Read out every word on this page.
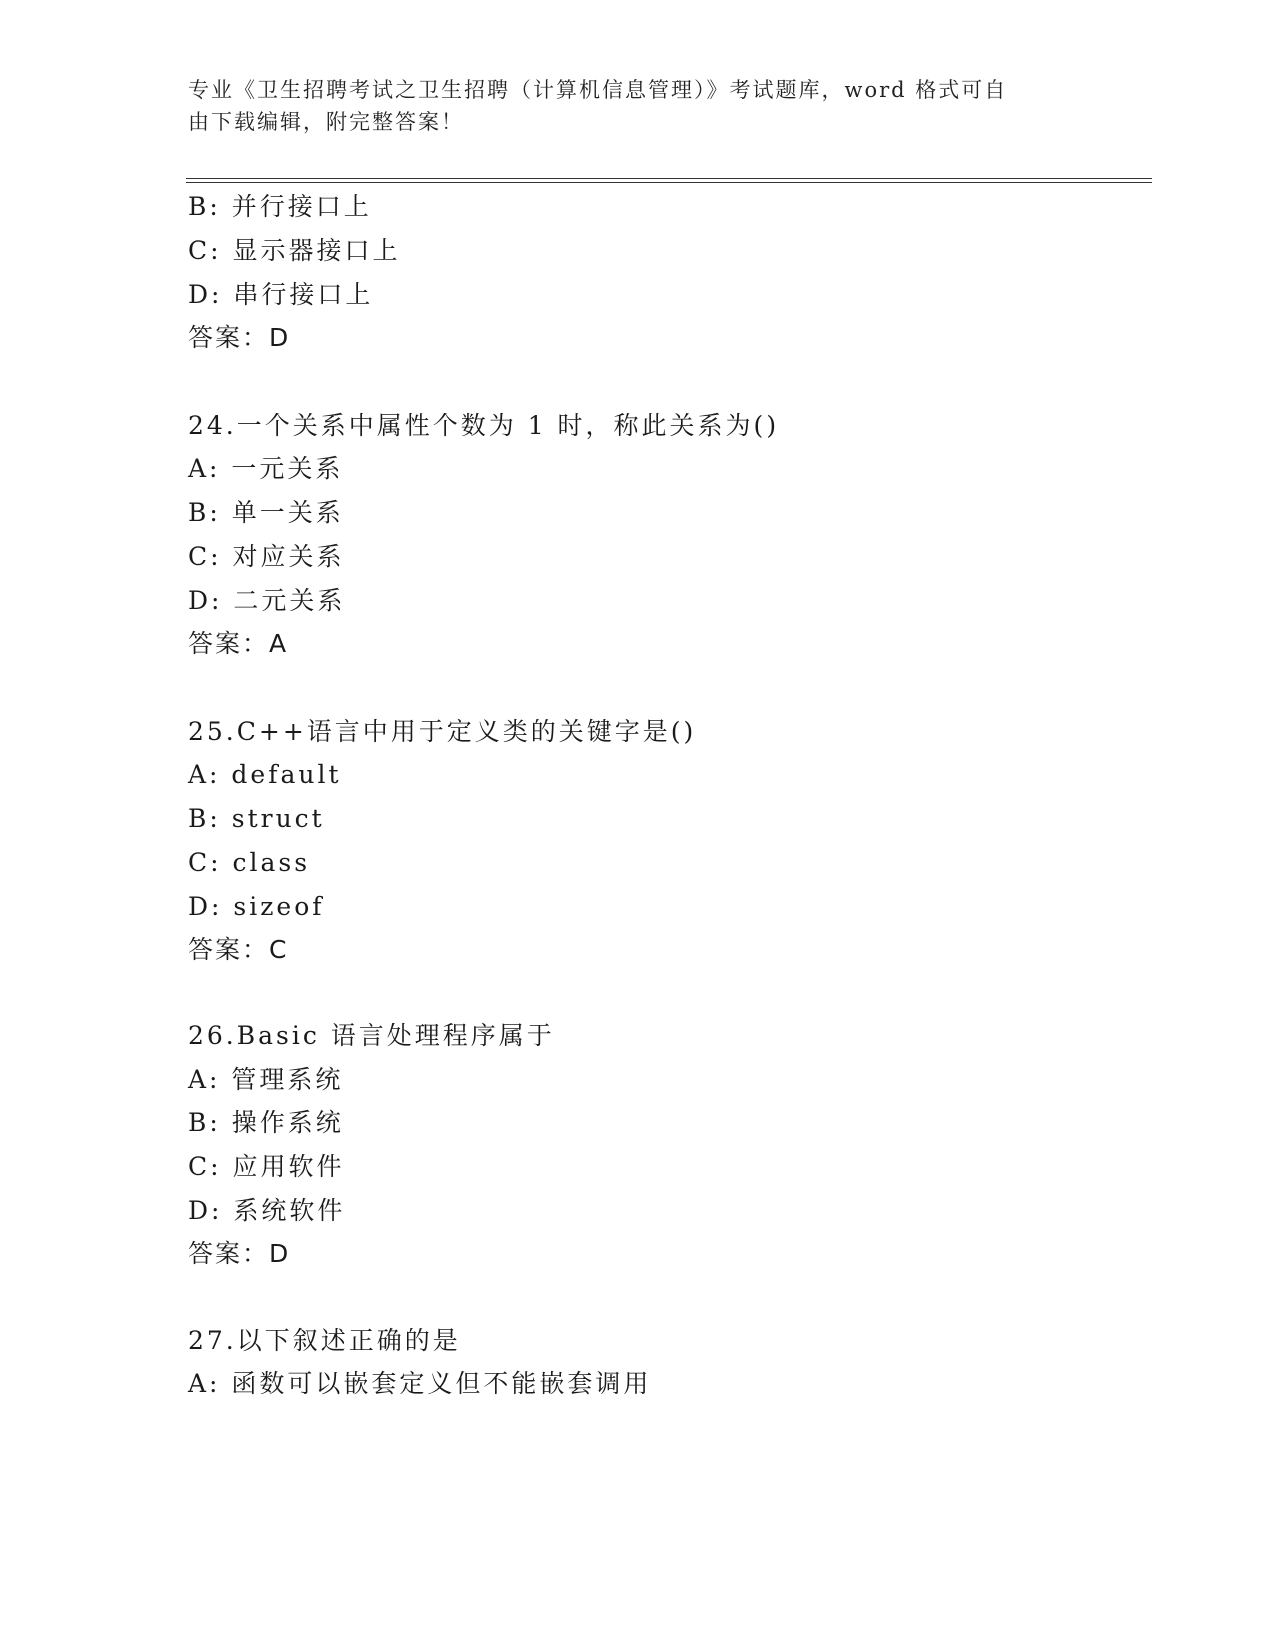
专业《卫生招聘考试之卫生招聘（计算机信息管理）》考试题库，word 格式可自
由下载编辑，附完整答案！
B: 并行接口上
C: 显示器接口上
D: 串行接口上
答案：D
24.一个关系中属性个数为 1 时，称此关系为()
A: 一元关系
B: 单一关系
C: 对应关系
D: 二元关系
答案：A
25.C++语言中用于定义类的关键字是()
A: default
B: struct
C: class
D: sizeof
答案：C
26.Basic 语言处理程序属于
A: 管理系统
B: 操作系统
C: 应用软件
D: 系统软件
答案：D
27.以下叙述正确的是
A: 函数可以嵌套定义但不能嵌套调用
